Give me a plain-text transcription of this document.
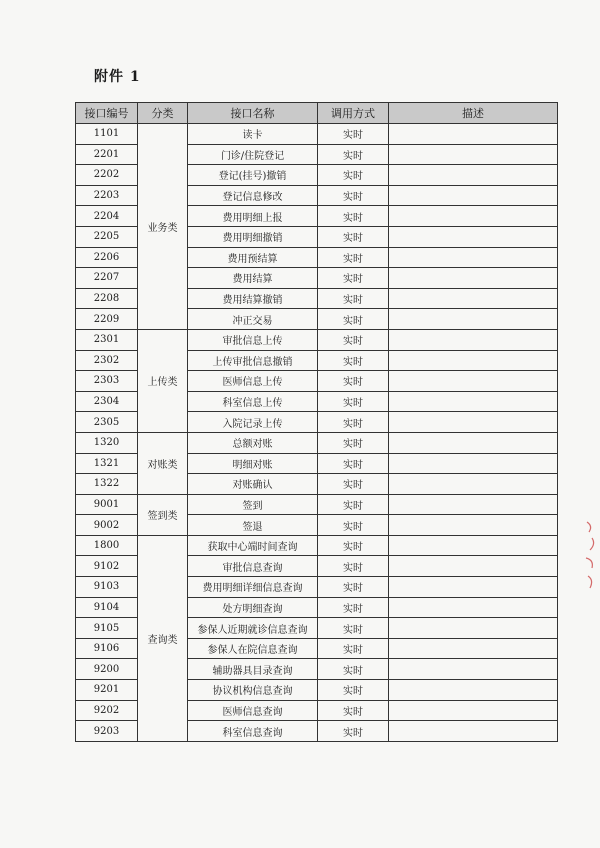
附件 1
接口编号	分类	接口名称	调用方式	描述
1101	业务类	读卡	实时	
2201		门诊/住院登记	实时	
2202		登记(挂号)撤销	实时	
2203		登记信息修改	实时	
2204		费用明细上报	实时	
2205		费用明细撤销	实时	
2206		费用预结算	实时	
2207		费用结算	实时	
2208		费用结算撤销	实时	
2209		冲正交易	实时	
2301	上传类	审批信息上传	实时	
2302		上传审批信息撤销	实时	
2303		医师信息上传	实时	
2304		科室信息上传	实时	
2305		入院记录上传	实时	
1320	对账类	总额对账	实时	
1321		明细对账	实时	
1322		对账确认	实时	
9001	签到类	签到	实时	
9002		签退	实时	
1800	查询类	获取中心端时间查询	实时	
9102		审批信息查询	实时	
9103		费用明细详细信息查询	实时	
9104		处方明细查询	实时	
9105		参保人近期就诊信息查询	实时	
9106		参保人在院信息查询	实时	
9200		辅助器具目录查询	实时	
9201		协议机构信息查询	实时	
9202		医师信息查询	实时	
9203		科室信息查询	实时	
